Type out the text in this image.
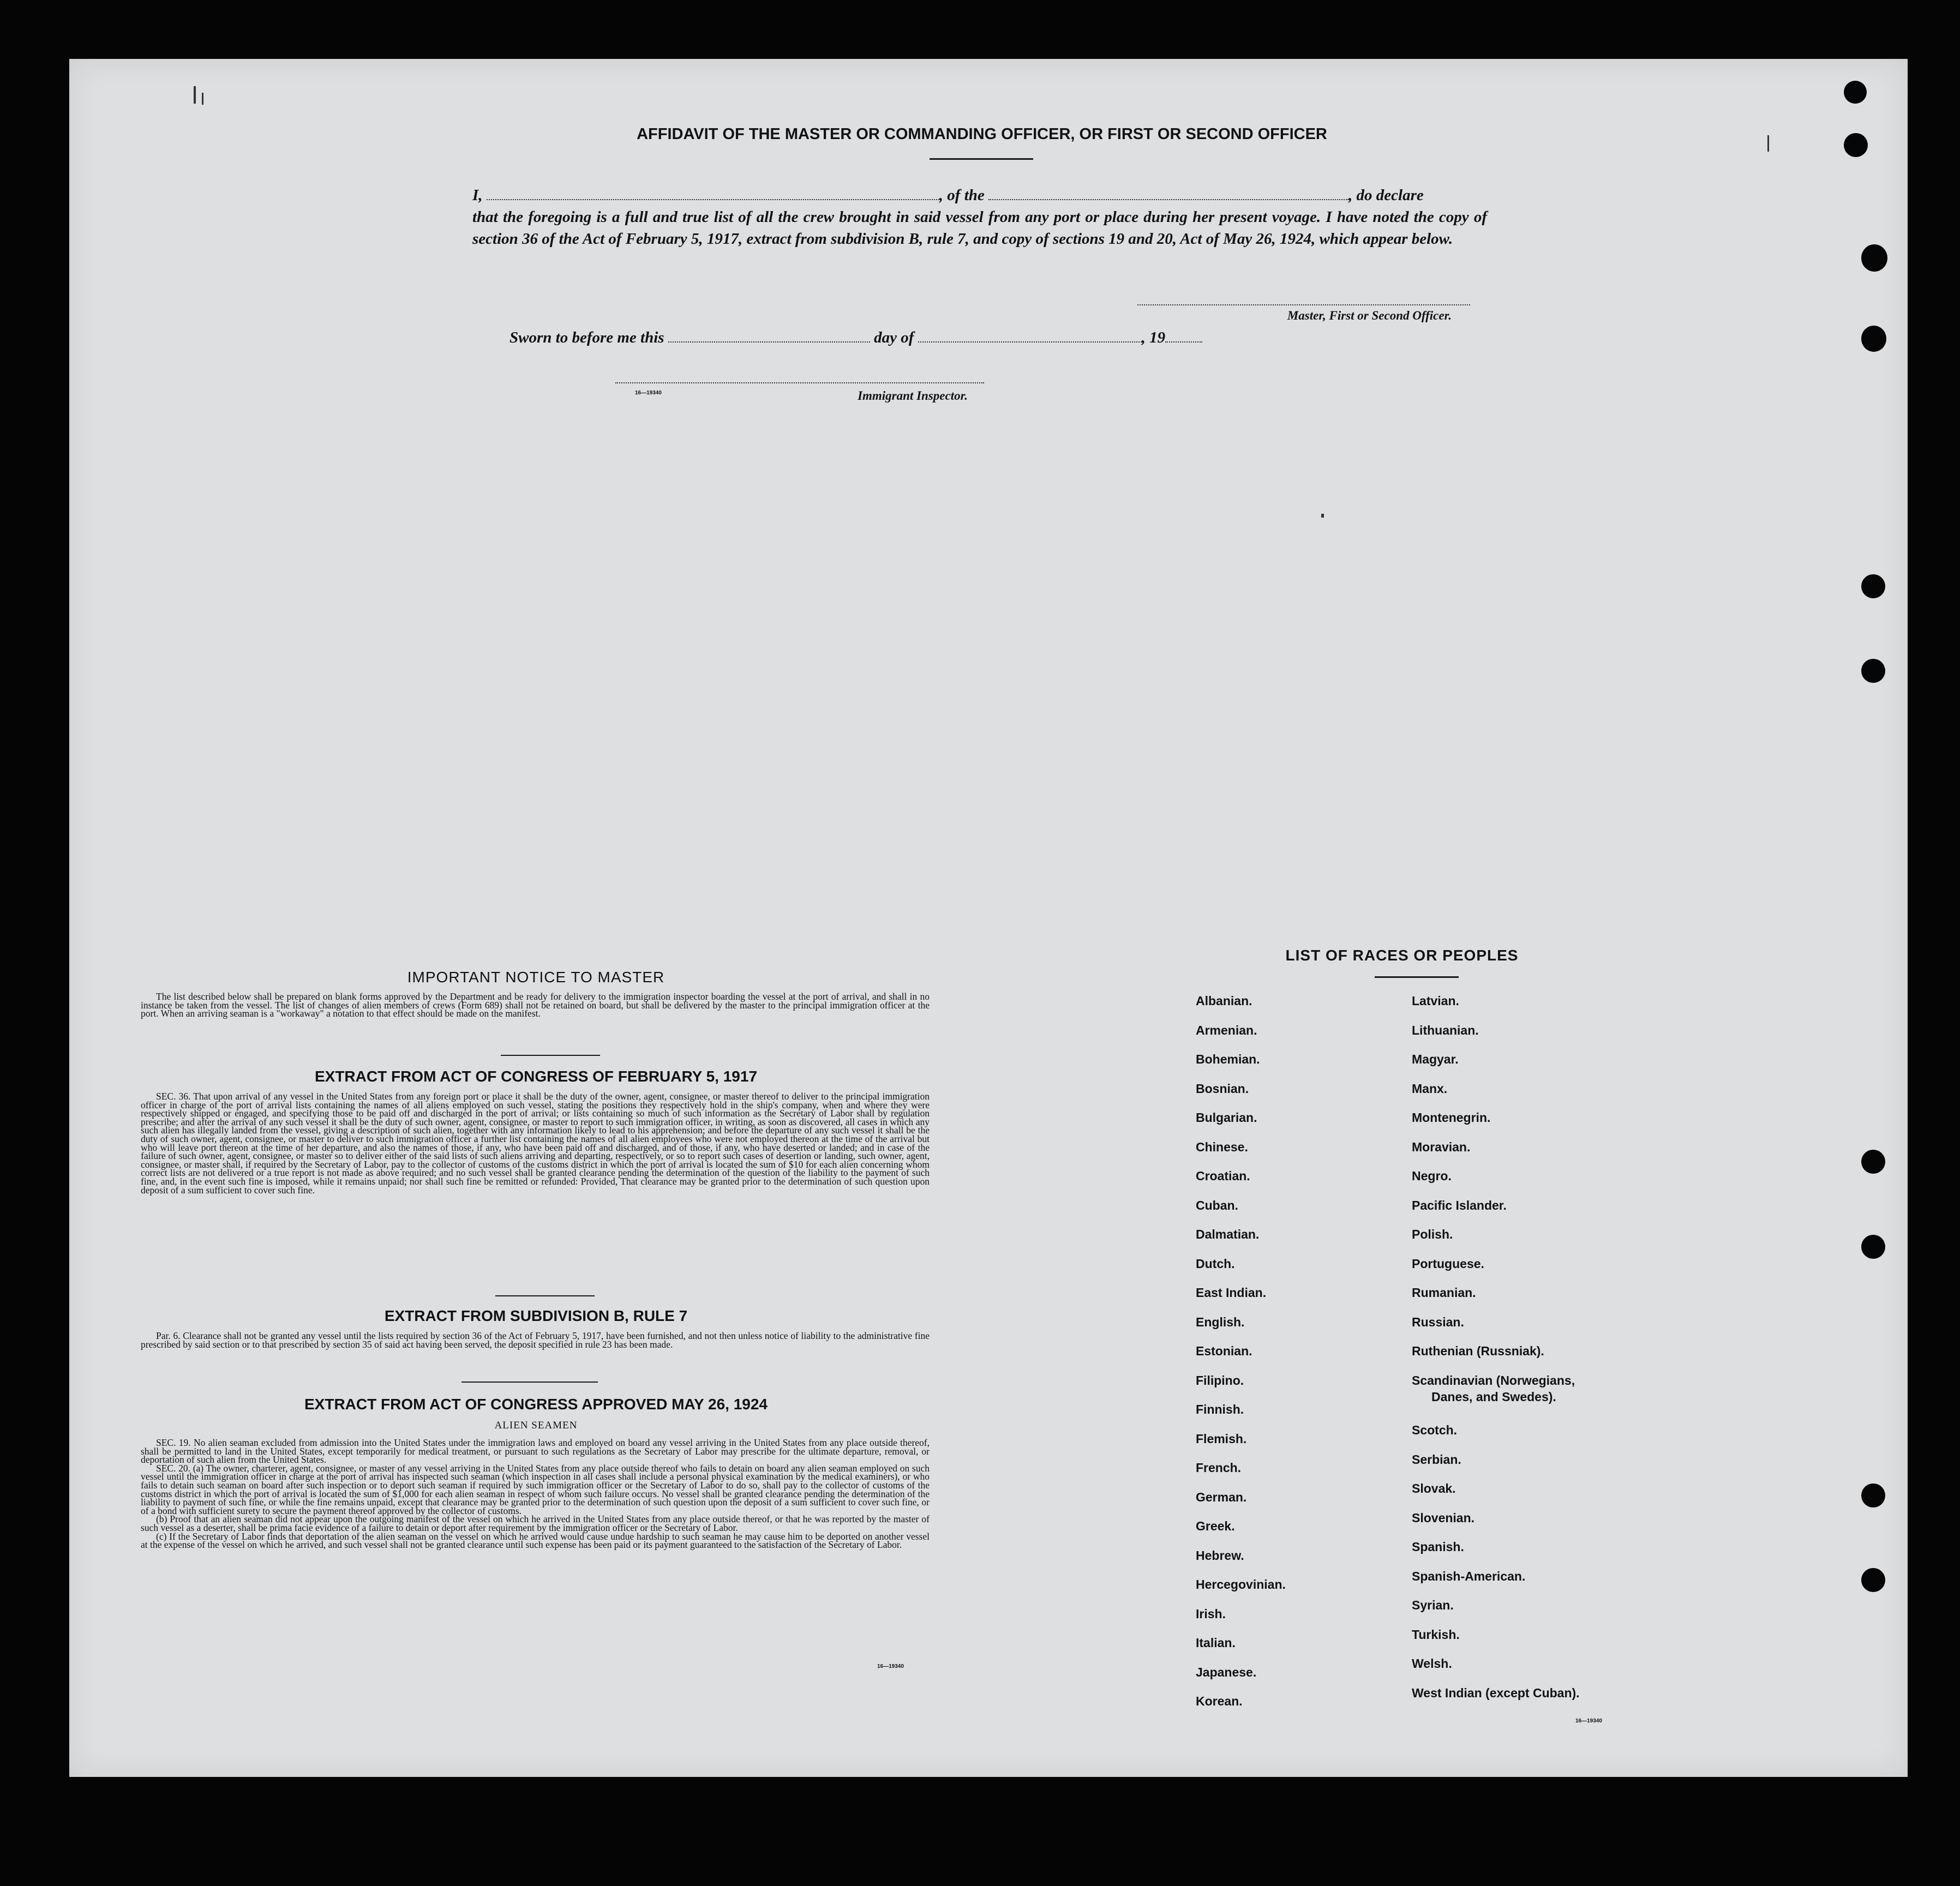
AFFIDAVIT OF THE MASTER OR COMMANDING OFFICER, OR FIRST OR SECOND OFFICER
I,	, of the	, do declare

that the foregoing is a full and true list of all the crew brought in said vessel from any port or place during her present voyage. I have noted the copy of section 36 of the Act of February 5, 1917, extract from subdivision B, rule 7, and copy of sections 19 and 20, Act of May 26, 1924, which appear below.

Master, First or Second Officer.
Sworn to before me this	day of	, 19
16—19340	Immigrant Inspector.
IMPORTANT NOTICE TO MASTER

The list described below shall be prepared on blank forms approved by the Department and be ready for delivery to the immigration inspector boarding the vessel at the port of arrival, and shall in no instance be taken from the vessel. The list of changes of alien members of crews (Form 689) shall not be retained on board, but shall be delivered by the master to the principal immigration officer at the port. When an arriving seaman is a "workaway" a notation to that effect should be made on the manifest.

EXTRACT FROM ACT OF CONGRESS OF FEBRUARY 5, 1917

SEC. 36. That upon arrival of any vessel in the United States from any foreign port or place it shall be the duty of the owner, agent, consignee, or master thereof to deliver to the principal immigration officer in charge of the port of arrival lists containing the names of all aliens employed on such vessel, stating the positions they respectively hold in the ship's company, when and where they were respectively shipped or engaged, and specifying those to be paid off and discharged in the port of arrival; or lists containing so much of such information as the Secretary of Labor shall by regulation prescribe; and after the arrival of any such vessel it shall be the duty of such owner, agent, consignee, or master to report to such immigration officer, in writing, as soon as discovered, all cases in which any such alien has illegally landed from the vessel, giving a description of such alien, together with any information likely to lead to his apprehension; and before the departure of any such vessel it shall be the duty of such owner, agent, consignee, or master to deliver to such immigration officer a further list containing the names of all alien employees who were not employed thereon at the time of the arrival but who will leave port thereon at the time of her departure, and also the names of those, if any, who have been paid off and discharged, and of those, if any, who have deserted or landed; and in case of the failure of such owner, agent, consignee, or master so to deliver either of the said lists of such aliens arriving and departing, respectively, or so to report such cases of desertion or landing, such owner, agent, consignee, or master shall, if required by the Secretary of Labor, pay to the collector of customs of the customs district in which the port of arrival is located the sum of $10 for each alien concerning whom correct lists are not delivered or a true report is not made as above required; and no such vessel shall be granted clearance pending the determination of the question of the liability to the payment of such fine, and, in the event such fine is imposed, while it remains unpaid; nor shall such fine be remitted or refunded: Provided, That clearance may be granted prior to the determination of such question upon deposit of a sum sufficient to cover such fine.

EXTRACT FROM SUBDIVISION B, RULE 7

Par. 6. Clearance shall not be granted any vessel until the lists required by section 36 of the Act of February 5, 1917, have been furnished, and not then unless notice of liability to the administrative fine prescribed by said section or to that prescribed by section 35 of said act having been served, the deposit specified in rule 23 has been made.

EXTRACT FROM ACT OF CONGRESS APPROVED MAY 26, 1924
ALIEN SEAMEN

SEC. 19. No alien seaman excluded from admission into the United States under the immigration laws and employed on board any vessel arriving in the United States from any place outside thereof, shall be permitted to land in the United States, except temporarily for medical treatment, or pursuant to such regulations as the Secretary of Labor may prescribe for the ultimate departure, removal, or deportation of such alien from the United States.

SEC. 20. (a) The owner, charterer, agent, consignee, or master of any vessel arriving in the United States from any place outside thereof who fails to detain on board any alien seaman employed on such vessel until the immigration officer in charge at the port of arrival has inspected such seaman (which inspection in all cases shall include a personal physical examination by the medical examiners), or who fails to detain such seaman on board after such inspection or to deport such seaman if required by such immigration officer or the Secretary of Labor to do so, shall pay to the collector of customs of the customs district in which the port of arrival is located the sum of $1,000 for each alien seaman in respect of whom such failure occurs. No vessel shall be granted clearance pending the determination of the liability to payment of such fine, or while the fine remains unpaid, except that clearance may be granted prior to the determination of such question upon the deposit of a sum sufficient to cover such fine, or of a bond with sufficient surety to secure the payment thereof approved by the collector of customs.

(b) Proof that an alien seaman did not appear upon the outgoing manifest of the vessel on which he arrived in the United States from any place outside thereof, or that he was reported by the master of such vessel as a deserter, shall be prima facie evidence of a failure to detain or deport after requirement by the immigration officer or the Secretary of Labor.

(c) If the Secretary of Labor finds that deportation of the alien seaman on the vessel on which he arrived would cause undue hardship to such seaman he may cause him to be deported on another vessel at the expense of the vessel on which he arrived, and such vessel shall not be granted clearance until such expense has been paid or its payment guaranteed to the satisfaction of the Secretary of Labor.

16—19340
LIST OF RACES OR PEOPLES
Albanian.
Armenian.
Bohemian.
Bosnian.
Bulgarian.
Chinese.
Croatian.
Cuban.
Dalmatian.
Dutch.
East Indian.
English.
Estonian.
Filipino.
Finnish.
Flemish.
French.
German.
Greek.
Hebrew.
Hercegovinian.
Irish.
Italian.
Japanese.
Korean.
Latvian.
Lithuanian.
Magyar.
Manx.
Montenegrin.
Moravian.
Negro.
Pacific Islander.
Polish.
Portuguese.
Rumanian.
Russian.
Ruthenian (Russniak).
Scandinavian (Norwegians,
Danes, and Swedes).
Scotch.
Serbian.
Slovak.
Slovenian.
Spanish.
Spanish-American.
Syrian.
Turkish.
Welsh.
West Indian (except Cuban).
16—19340
